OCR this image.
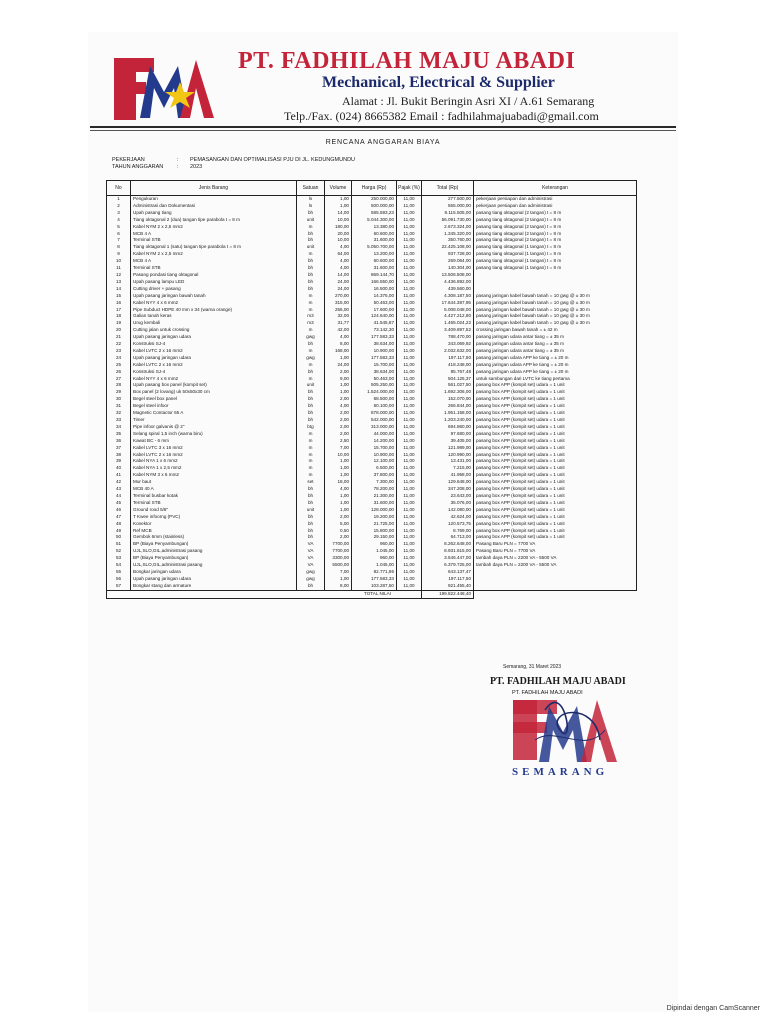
PT. FADHILAH MAJU ABADI
Mechanical, Electrical & Supplier
Alamat : Jl. Bukit Beringin Asri XI / A.61 Semarang
Telp./Fax. (024) 8665382 Email : fadhilahmajuabadi@gmail.com
RENCANA ANGGARAN BIAYA
PEKERJAAN	: PEMASANGAN DAN OPTIMALISASI PJU DI JL. KEDUNGMUNDU
TAHUN ANGGARAN	: 2023
No	Jenis Barang	Satuan	Volume	Harga (Rp)	Pajak (%)	Total (Rp)	Keterangan
1	Pengukuran	ls	1,00	250.000,00	11,00	277.500,00	pekerjaan persiapan dan administrasi
2	Administrasi dan Dokumentasi	ls	1,00	500.000,00	11,00	555.000,00	pekerjaan persiapan dan administrasi
3	Upah pasang tiang	bh	14,00	585.593,23	11,00	9.115.505,00	pasang tiang oktagonal (2 tangan) t = 8 m
4	Tiang oktagonal 2 (dua) tangan tipe parabola t = 8 m	unit	10,00	5.044.300,00	11,00	56.091.730,00	pasang tiang oktagonal (2 tangan) t = 8 m
5	Kabel NYM 2 x 2,5 mm2	m	180,00	13.380,00	11,00	2.673.324,00	pasang tiang oktagonal (2 tangan) t = 8 m
6	MCB 4 A	bh	20,00	60.600,00	11,00	1.345.320,00	pasang tiang oktagonal (2 tangan) t = 8 m
7	Terminal STB	bh	10,00	31.600,00	11,00	350.760,00	pasang tiang oktagonal (2 tangan) t = 8 m
8	Tiang oktagonal 1 (satu) tangan tipe parabola t = 8 m	unit	4,00	5.050.700,00	11,00	22.425.108,00	pasang tiang oktagonal (1 tangan) t = 8 m
9	Kabel NYM 2 x 2,5 mm2	m	64,00	13.200,00	11,00	937.728,00	pasang tiang oktagonal (1 tangan) t = 8 m
10	MCB 4 A	bh	4,00	60.600,00	11,00	269.064,00	pasang tiang oktagonal (1 tangan) t = 8 m
11	Terminal STB	bh	4,00	31.600,00	11,00	140.304,00	pasang tiang oktagonal (1 tangan) t = 8 m
12	Pasang pondasi tiang oktagonal	bh	14,00	869.144,70	11,00	13.506.508,00	
13	Upah pasang lampu LED	bh	24,00	166.550,00	11,00	4.436.892,00	
14	Cutting driver + pasang	bh	24,00	16.500,00	11,00	439.560,00	
15	Upah pasang jaringan bawah tanah	m	270,00	14.375,00	11,00	4.308.187,50	pasang jaringan kabel bawah tanah = 10 gwg @ ± 30 m
16	Kabel NYY 4 x 6 mm2	m	315,00	50.463,00	11,00	17.644.387,95	pasang jaringan kabel bawah tanah = 10 gwg @ ± 30 m
17	Pipe Subduct HDPE 40 mm x 34 (warna orange)	m	256,00	17.600,00	11,00	5.008.048,00	pasang jaringan kabel bawah tanah = 10 gwg @ ± 30 m
18	Galian tanah keras	m3	32,00	124.640,00	11,00	4.427.212,80	pasang jaringan kabel bawah tanah = 10 gwg @ ± 30 m
19	Urug kembali	m3	31,77	41.545,87	11,00	1.465.024,22	pasang jaringan kabel bawah tanah = 10 gwg @ ± 30 m
20	Cutting jalan untuk crossing	m	42,00	73.142,30	11,00	3.409.897,52	crossing jaringan bawah tanah = ± 42 m
21	Upah pasang jaringan udara	gwg	4,00	177.583,33	11,00	788.470,00	pasang jaringan udara antar tiang = ± 35 m
22	Konstruksi SJ-4	bh	8,00	38.634,00	11,00	343.069,92	pasang jaringan udara antar tiang = ± 35 m
23	Kabel LVTC 2 x 16 mm2	m	168,00	10.900,00	11,00	2.032.632,00	pasang jaringan udara antar tiang = ± 35 m
24	Upah pasang jaringan udara	gwg	1,00	177.583,33	11,00	197.117,50	pasang jaringan udara APP ke tiang = ± 20 m
25	Kabel LVTC 2 x 16 mm2	m	24,00	15.700,00	11,00	418.248,00	pasang jaringan udara APP ke tiang = ± 20 m
26	Konstruksi SJ-4	bh	2,00	38.634,00	11,00	85.767,48	pasang jaringan udara APP ke tiang = ± 20 m
27	Kabel NYY 4 x 6 mm2	m	9,00	50.463,00	11,00	504.125,37	untuk sambungan dari LVTC ke tiang pertama
28	Upah pasang box panel (kompit set)	unit	1,00	505.250,00	11,00	561.027,50	pasang box APP (kompit set) udara = 1 unit
29	Box panel (2 lovang) uk 50x50x30 cm	bh	1,00	1.524.000,00	11,00	1.692.306,00	pasang box APP (kompit set) udara = 1 unit
30	Begel steel box panel	bh	2,00	68.500,00	11,00	152.070,00	pasang box APP (kompit set) udara = 1 unit
31	Begel steel infoor	bh	4,00	60.100,00	11,00	266.844,00	pasang box APP (kompit set) udara = 1 unit
32	Magnetic Contactor 65 A	bh	2,00	878.000,00	11,00	1.951.158,00	pasang box APP (kompit set) udara = 1 unit
33	Timer	bh	2,00	542.000,00	11,00	1.203.240,00	pasang box APP (kompit set) udara = 1 unit
34	Pipe infoor galvanis @ 2"	btg	2,00	313.000,00	11,00	694.860,00	pasang box APP (kompit set) udara = 1 unit
35	Selang spiral 1,5 inch (warna biru)	m	2,00	44.000,00	11,00	97.680,00	pasang box APP (kompit set) udara = 1 unit
36	Kawat BC - 6 mm	m	2,50	14.200,00	11,00	39.405,00	pasang box APP (kompit set) udara = 1 unit
37	Kabel LVTC 3 x 16 mm2	m	7,00	15.700,00	11,00	121.989,00	pasang box APP (kompit set) udara = 1 unit
38	Kabel LVTC 2 x 16 mm2	m	10,00	10.900,00	11,00	120.990,00	pasang box APP (kompit set) udara = 1 unit
39	Kabel NYA 1 x 6 mm2	m	1,00	12.100,00	11,00	13.431,00	pasang box APP (kompit set) udara = 1 unit
40	Kabel NYA 1 x 2,5 mm2	m	1,00	6.500,00	11,00	7.215,00	pasang box APP (kompit set) udara = 1 unit
41	Kabel NYM 3 x 6 mm2	m	1,00	37.800,00	11,00	41.958,00	pasang box APP (kompit set) udara = 1 unit
42	Mur baut	set	18,00	7.300,00	11,00	129.648,00	pasang box APP (kompit set) udara = 1 unit
43	MCB 40 A	bh	4,00	78.200,00	11,00	347.208,00	pasang box APP (kompit set) udara = 1 unit
44	Terminal busbar kotak	bh	1,00	21.300,00	11,00	23.643,00	pasang box APP (kompit set) udara = 1 unit
45	Terminal STB	bh	1,00	31.600,00	11,00	35.076,00	pasang box APP (kompit set) udara = 1 unit
46	Ground rood 5/8"	unit	1,00	128.000,00	11,00	142.080,00	pasang box APP (kompit set) udara = 1 unit
47	T Kwee infoorng (PVC)	bh	2,00	19.200,00	11,00	42.624,00	pasang box APP (kompit set) udara = 1 unit
48	Konektor	bh	5,00	21.725,00	11,00	120.573,75	pasang box APP (kompit set) udara = 1 unit
49	Ref MCB	bh	0,50	15.800,00	11,00	8.769,00	pasang box APP (kompit set) udara = 1 unit
50	Gembok 6mm (stainless)	bh	2,00	29.150,00	11,00	64.713,00	pasang box APP (kompit set) udara = 1 unit
51	BP (Biaya Penyambungan)	VA	7700,00	960,00	11,00	8.262.648,00	Pasang Baru PLN = 7700 VA
52	UJL,SLO,GIL,administrasi pasang	VA	7700,00	1.045,00	11,00	8.931.615,00	Pasang Baru PLN = 7700 VA
53	BP (Biaya Penyambungan)	VA	3300,00	960,00	11,00	3.546.447,00	tambah daya PLN = 2200 VA - 5500 VA
54	UJL,SLO,GIL,administrasi pasang	VA	5500,00	1.045,00	11,00	6.379.725,00	tambah daya PLN = 2200 VA - 5500 VA
55	Bongkar jaringan udara	gwg	7,00	82.771,86	11,00	643.137,47	
56	Upah pasang jaringan udara	gwg	1,00	177.583,33	11,00	197.117,50	
57	Bongkar stang dan armature	bh	8,00	103.287,50	11,00	921.455,40	
TOTAL NILAI						199.822.448,40	
Semarang, 31 Maret 2023
PT. FADHILAH MAJU ABADI
PT. FADHILAH MAJU ABADI
SEMARANG
Dipindai dengan CamScanner
